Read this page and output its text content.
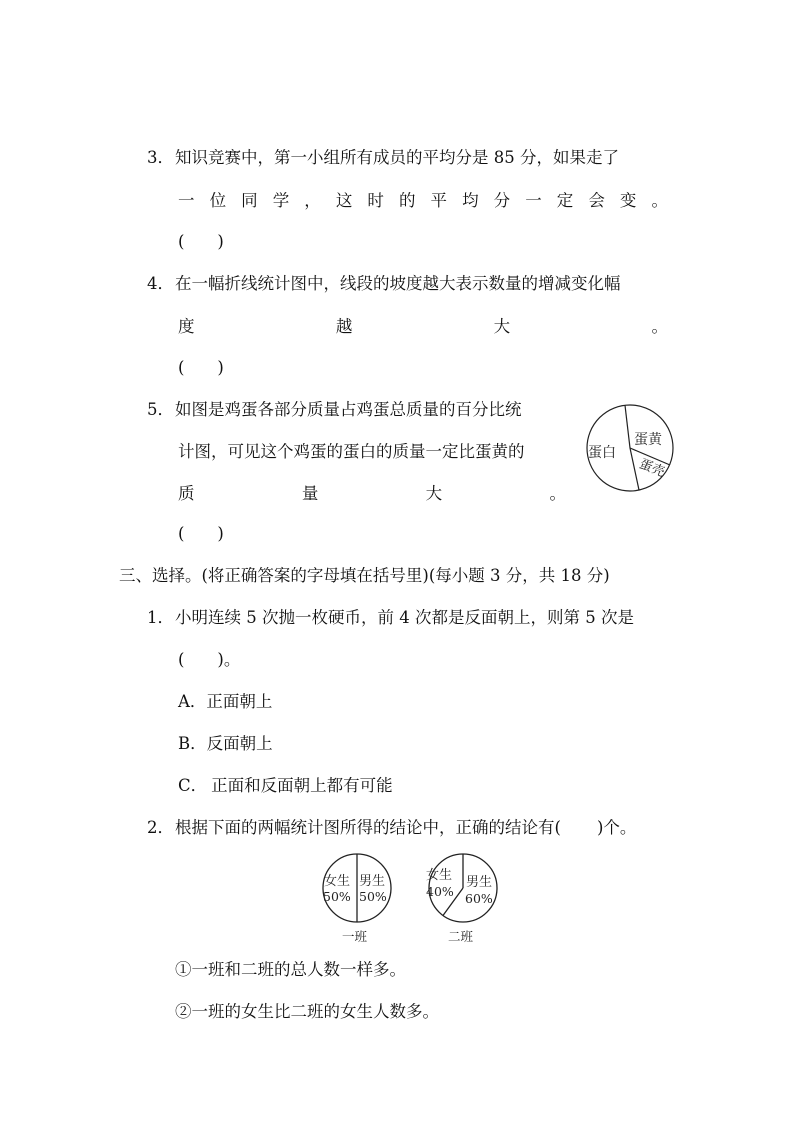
3． 知识竞赛中，第一小组所有成员的平均分是 85 分，如果走了
一 位 同 学 ， 这 时 的 平 均 分 一 定 会 变 。
(　　)
4． 在一幅折线统计图中，线段的坡度越大表示数量的增减变化幅
度	越	大	。
(　　)
5． 如图是鸡蛋各部分质量占鸡蛋总质量的百分比统
计图，可见这个鸡蛋的蛋白的质量一定比蛋黄的
质	量	大	。
(　　)
蛋白
蛋黄
蛋壳
三、选择。(将正确答案的字母填在括号里)(每小题 3 分，共 18 分)
1． 小明连续 5 次抛一枚硬币，前 4 次都是反面朝上，则第 5 次是
(　　)。
A．正面朝上
B．反面朝上
C． 正面和反面朝上都有可能
2． 根据下面的两幅统计图所得的结论中，正确的结论有( )个。
女生
50%
男生
50%
一班
女生
40%
男生
60%
二班
①一班和二班的总人数一样多。
②一班的女生比二班的女生人数多。
